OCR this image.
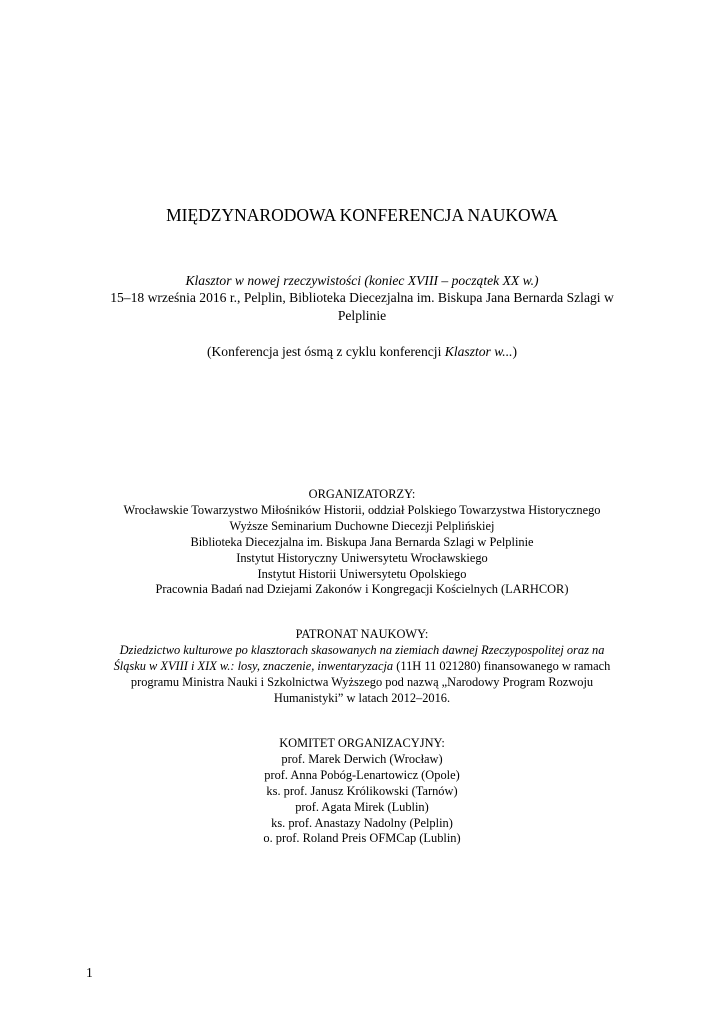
MIĘDZYNARODOWA KONFERENCJA NAUKOWA
Klasztor w nowej rzeczywistości (koniec XVIII – początek XX w.)
15–18 września 2016 r., Pelplin, Biblioteka Diecezjalna im. Biskupa Jana Bernarda Szlagi w
Pelplinie
(Konferencja jest ósmą z cyklu konferencji Klasztor w...)
ORGANIZATORZY:
Wrocławskie Towarzystwo Miłośników Historii, oddział Polskiego Towarzystwa Historycznego
Wyższe Seminarium Duchowne Diecezji Pelplińskiej
Biblioteka Diecezjalna im. Biskupa Jana Bernarda Szlagi w Pelplinie
Instytut Historyczny Uniwersytetu Wrocławskiego
Instytut Historii Uniwersytetu Opolskiego
Pracownia Badań nad Dziejami Zakonów i Kongregacji Kościelnych (LARHCOR)
PATRONAT NAUKOWY:
Dziedzictwo kulturowe po klasztorach skasowanych na ziemiach dawnej Rzeczypospolitej oraz na
Śląsku w XVIII i XIX w.: losy, znaczenie, inwentaryzacja (11H 11 021280) finansowanego w ramach
programu Ministra Nauki i Szkolnictwa Wyższego pod nazwą „Narodowy Program Rozwoju
Humanistyki” w latach 2012–2016.
KOMITET ORGANIZACYJNY:
prof. Marek Derwich (Wrocław)
prof. Anna Pobóg-Lenartowicz (Opole)
ks. prof. Janusz Królikowski (Tarnów)
prof. Agata Mirek (Lublin)
ks. prof. Anastazy Nadolny (Pelplin)
o. prof. Roland Preis OFMCap (Lublin)
1
